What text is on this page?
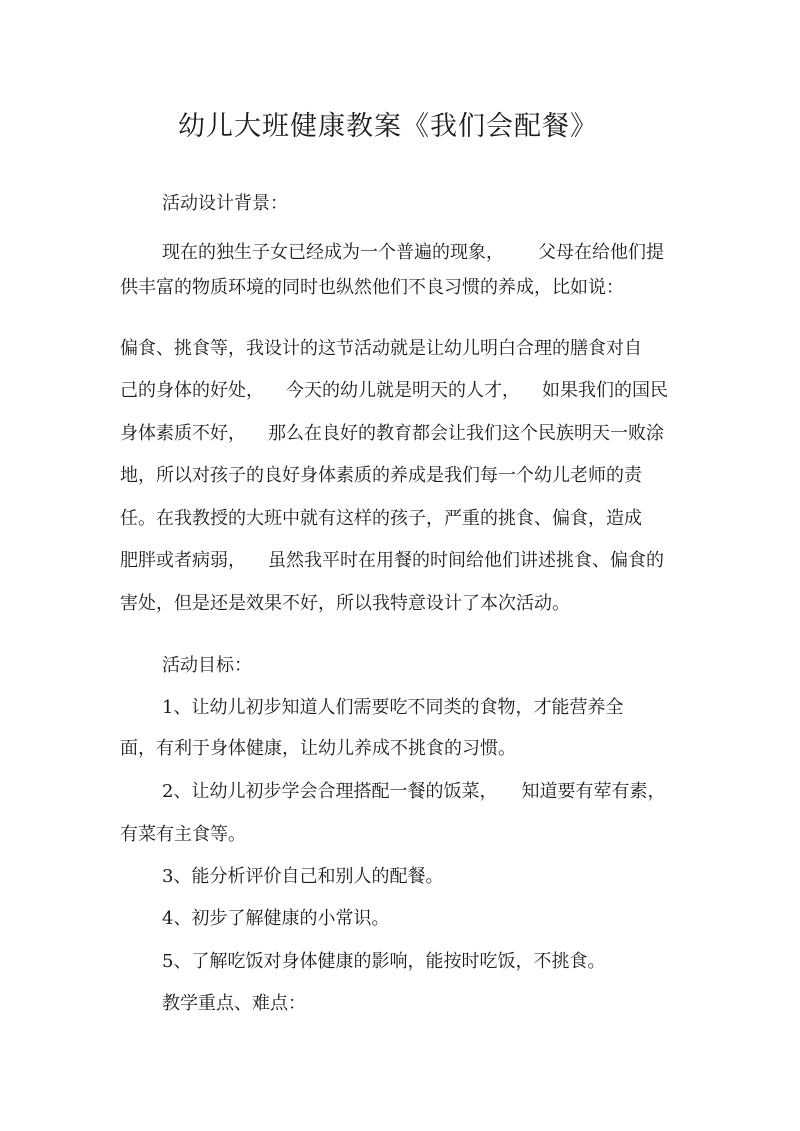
幼儿大班健康教案《我们会配餐》
活动设计背景：
现在的独生子女已经成为一个普遍的现象， 父母在给他们提
供丰富的物质环境的同时也纵然他们不良习惯的养成，比如说：
偏食、挑食等，我设计的这节活动就是让幼儿明白合理的膳食对自
己的身体的好处， 今天的幼儿就是明天的人才， 如果我们的国民
身体素质不好， 那么在良好的教育都会让我们这个民族明天一败涂
地，所以对孩子的良好身体素质的养成是我们每一个幼儿老师的责
任。在我教授的大班中就有这样的孩子，严重的挑食、偏食，造成
肥胖或者病弱， 虽然我平时在用餐的时间给他们讲述挑食、偏食的
害处，但是还是效果不好，所以我特意设计了本次活动。
活动目标：
1、让幼儿初步知道人们需要吃不同类的食物，才能营养全
面，有利于身体健康，让幼儿养成不挑食的习惯。
2、让幼儿初步学会合理搭配一餐的饭菜， 知道要有荤有素，
有菜有主食等。
3、能分析评价自己和别人的配餐。
4、初步了解健康的小常识。
5、了解吃饭对身体健康的影响，能按时吃饭，不挑食。
教学重点、难点：
